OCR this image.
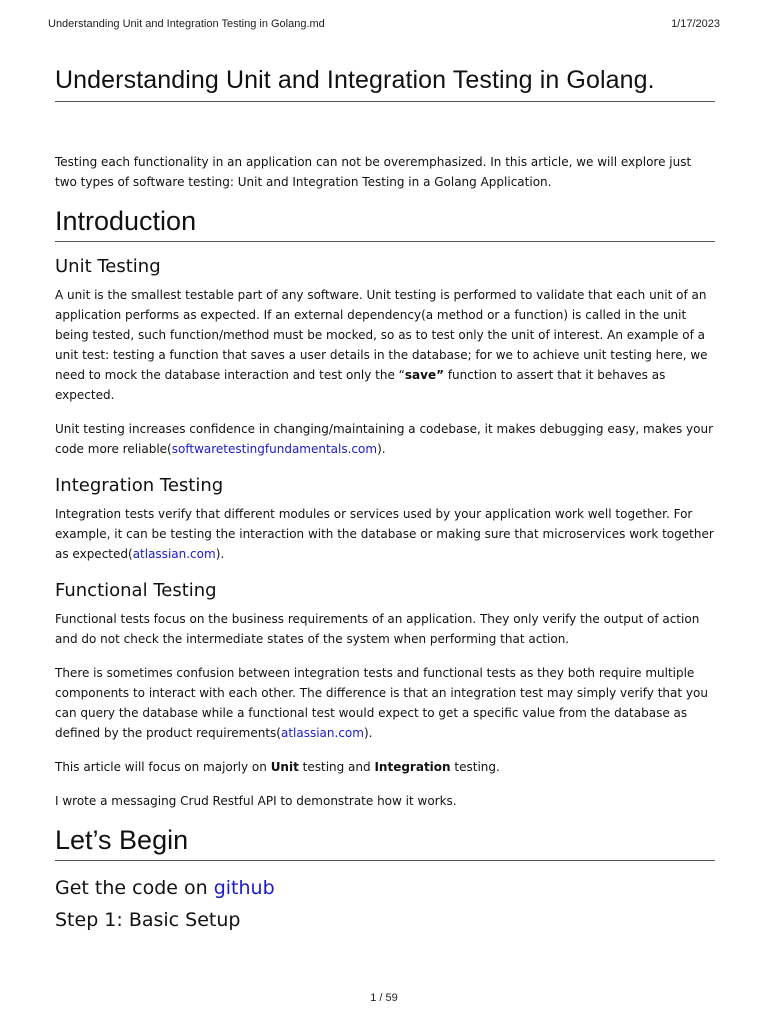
Understanding Unit and Integration Testing in Golang.md	1/17/2023
Understanding Unit and Integration Testing in Golang.

Testing each functionality in an application can not be overemphasized. In this article, we will explore just two types of software testing: Unit and Integration Testing in a Golang Application.

Introduction
Unit Testing

A unit is the smallest testable part of any software. Unit testing is performed to validate that each unit of an application performs as expected. If an external dependency(a method or a function) is called in the unit being tested, such function/method must be mocked, so as to test only the unit of interest. An example of a unit test: testing a function that saves a user details in the database; for we to achieve unit testing here, we need to mock the database interaction and test only the “save” function to assert that it behaves as expected.

Unit testing increases confidence in changing/maintaining a codebase, it makes debugging easy, makes your code more reliable(softwaretestingfundamentals.com).

Integration Testing

Integration tests verify that different modules or services used by your application work well together. For example, it can be testing the interaction with the database or making sure that microservices work together as expected(atlassian.com).

Functional Testing

Functional tests focus on the business requirements of an application. They only verify the output of action and do not check the intermediate states of the system when performing that action.

There is sometimes confusion between integration tests and functional tests as they both require multiple components to interact with each other. The difference is that an integration test may simply verify that you can query the database while a functional test would expect to get a specific value from the database as defined by the product requirements(atlassian.com).

This article will focus on majorly on Unit testing and Integration testing.

I wrote a messaging Crud Restful API to demonstrate how it works.

Let’s Begin
Get the code on github
Step 1: Basic Setup
1 / 59
